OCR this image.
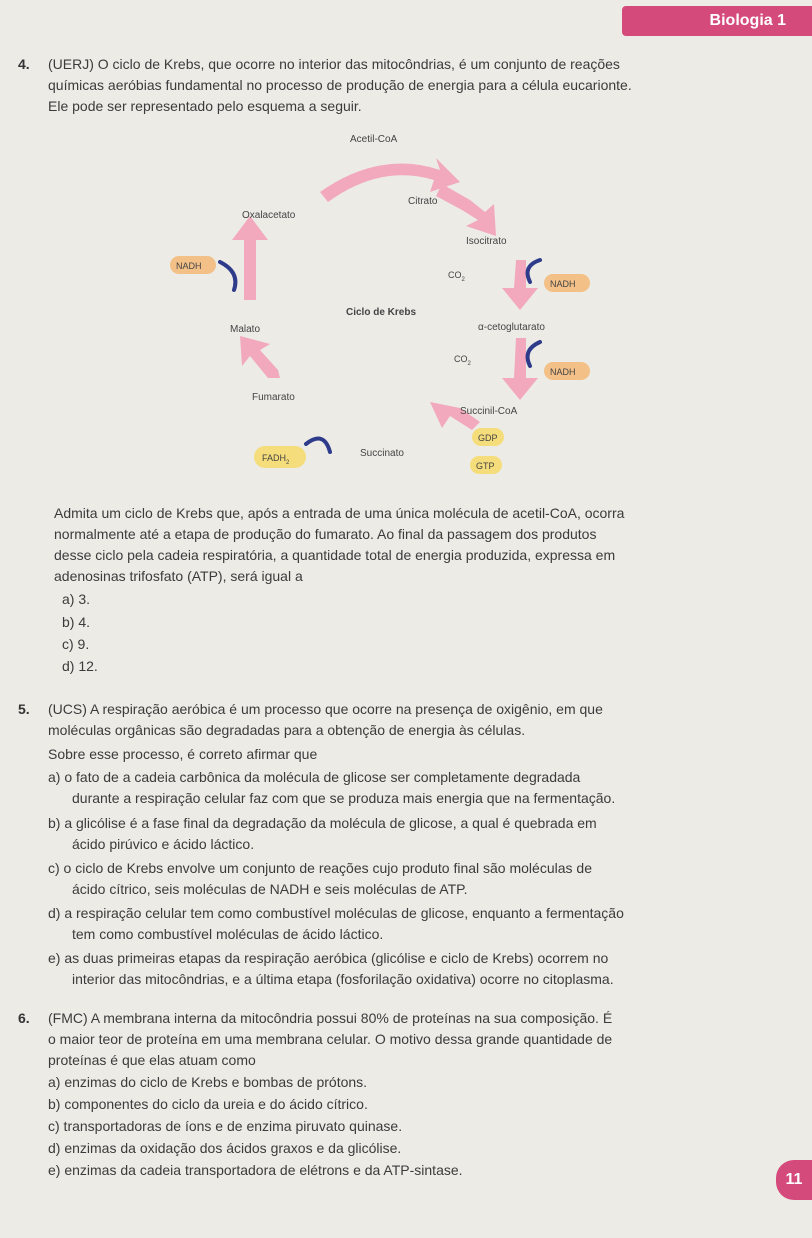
Biologia 1
4. (UERJ) O ciclo de Krebs, que ocorre no interior das mitocôndrias, é um conjunto de reações

químicas aeróbias fundamental no processo de produção de energia para a célula eucarionte.

Ele pode ser representado pelo esquema a seguir.

Acetil-CoA
Citrato
Oxalacetato
Isocitrato
$CO_2$
Ciclo de Krebs
Malato	α-cetoglutarato
$CO_2$
Fumarato
Succinil-CoA
Succinato
NADH
NADH
NADH
GDP
GTP
$FADH_2$

Admita um ciclo de Krebs que, após a entrada de uma única molécula de acetil-CoA, ocorra

normalmente até a etapa de produção do fumarato. Ao final da passagem dos produtos

desse ciclo pela cadeia respiratória, a quantidade total de energia produzida, expressa em

adenosinas trifosfato (ATP), será igual a

a) 3.
b) 4.
c) 9.
d) 12.
5. (UCS) A respiração aeróbica é um processo que ocorre na presença de oxigênio, em que

moléculas orgânicas são degradadas para a obtenção de energia às células.

Sobre esse processo, é correto afirmar que

a) o fato de a cadeia carbônica da molécula de glicose ser completamente degradada
durante a respiração celular faz com que se produza mais energia que na fermentação.
b) a glicólise é a fase final da degradação da molécula de glicose, a qual é quebrada em
ácido pirúvico e ácido láctico.
c) o ciclo de Krebs envolve um conjunto de reações cujo produto final são moléculas de
ácido cítrico, seis moléculas de NADH e seis moléculas de ATP.
d) a respiração celular tem como combustível moléculas de glicose, enquanto a fermentação
tem como combustível moléculas de ácido láctico.
e) as duas primeiras etapas da respiração aeróbica (glicólise e ciclo de Krebs) ocorrem no
interior das mitocôndrias, e a última etapa (fosforilação oxidativa) ocorre no citoplasma.
6. (FMC) A membrana interna da mitocôndria possui 80% de proteínas na sua composição. É

o maior teor de proteína em uma membrana celular. O motivo dessa grande quantidade de

proteínas é que elas atuam como

a) enzimas do ciclo de Krebs e bombas de prótons.
b) componentes do ciclo da ureia e do ácido cítrico.
c) transportadoras de íons e de enzima piruvato quinase.
d) enzimas da oxidação dos ácidos graxos e da glicólise.
e) enzimas da cadeia transportadora de elétrons e da ATP-sintase.
11
